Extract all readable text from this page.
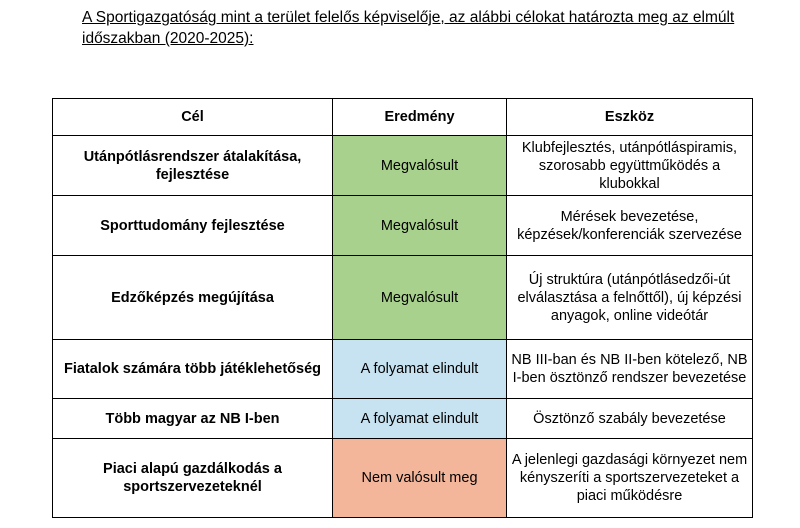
A Sportigazgatóság mint a terület felelős képviselője, az alábbi célokat határozta meg az elmúlt időszakban (2020-2025):
Cél	Eredmény	Eszköz
Utánpótlásrendszer átalakítása, fejlesztése	Megvalósult	Klubfejlesztés, utánpótláspiramis, szorosabb együttműködés a klubokkal
Sporttudomány fejlesztése	Megvalósult	Mérések bevezetése, képzések/konferenciák szervezése
Edzőképzés megújítása	Megvalósult	Új struktúra (utánpótlásedzői-út elválasztása a felnőttől), új képzési anyagok, online videótár
Fiatalok számára több játéklehetőség	A folyamat elindult	NB III-ban és NB II-ben kötelező, NB I-ben ösztönző rendszer bevezetése
Több magyar az NB I-ben	A folyamat elindult	Ösztönző szabály bevezetése
Piaci alapú gazdálkodás a sportszervezeteknél	Nem valósult meg	A jelenlegi gazdasági környezet nem kényszeríti a sportszervezeteket a piaci működésre
